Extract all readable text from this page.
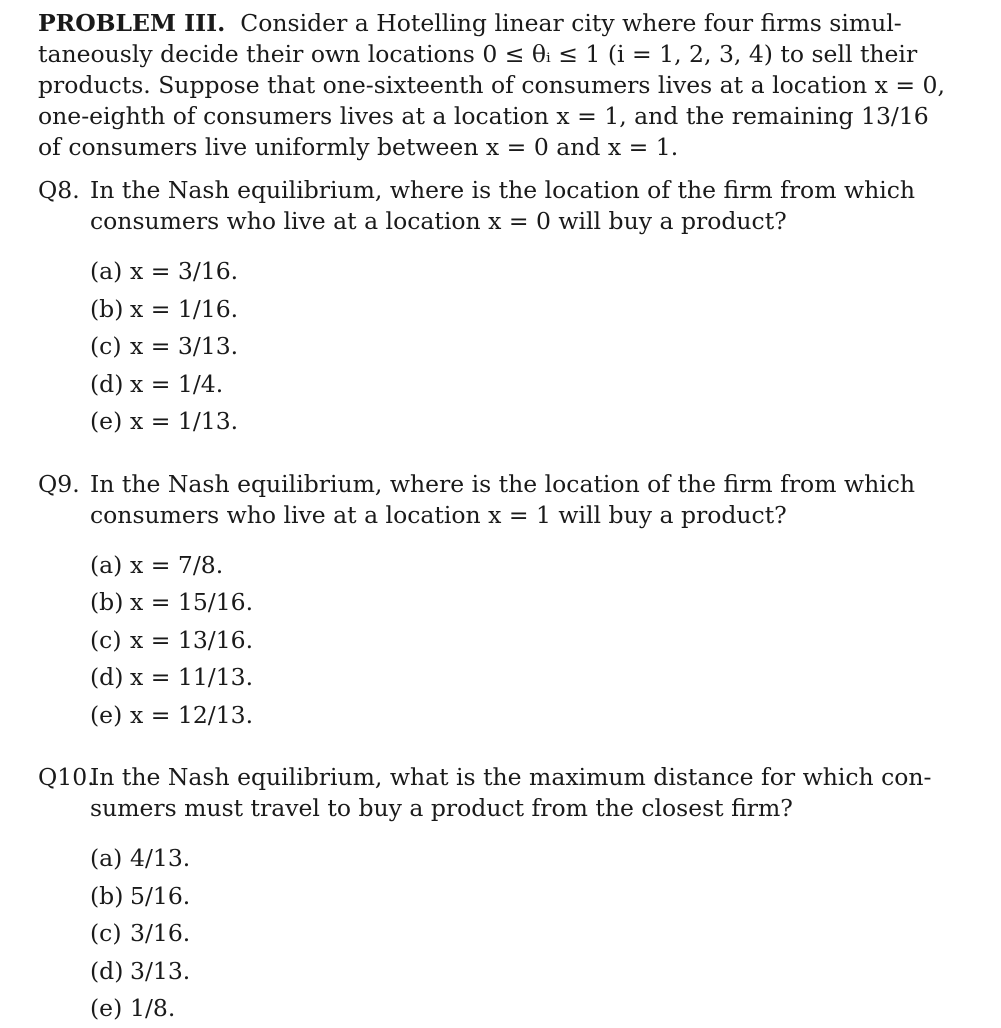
PROBLEM III. Consider a Hotelling linear city where four firms simul-
taneously decide their own locations 0 ≤ θᵢ ≤ 1 (i = 1, 2, 3, 4) to sell their
products. Suppose that one-sixteenth of consumers lives at a location x = 0,
one-eighth of consumers lives at a location x = 1, and the remaining 13/16
of consumers live uniformly between x = 0 and x = 1.

Q8. In the Nash equilibrium, where is the location of the firm from which
consumers who live at a location x = 0 will buy a product?
(a) x = 3/16.
(b) x = 1/16.
(c) x = 3/13.
(d) x = 1/4.
(e) x = 1/13.
Q9. In the Nash equilibrium, where is the location of the firm from which
consumers who live at a location x = 1 will buy a product?
(a) x = 7/8.
(b) x = 15/16.
(c) x = 13/16.
(d) x = 11/13.
(e) x = 12/13.
Q10.
In the Nash equilibrium, what is the maximum distance for which con-
sumers must travel to buy a product from the closest firm?
(a) 4/13.
(b) 5/16.
(c) 3/16.
(d) 3/13.
(e) 1/8.
